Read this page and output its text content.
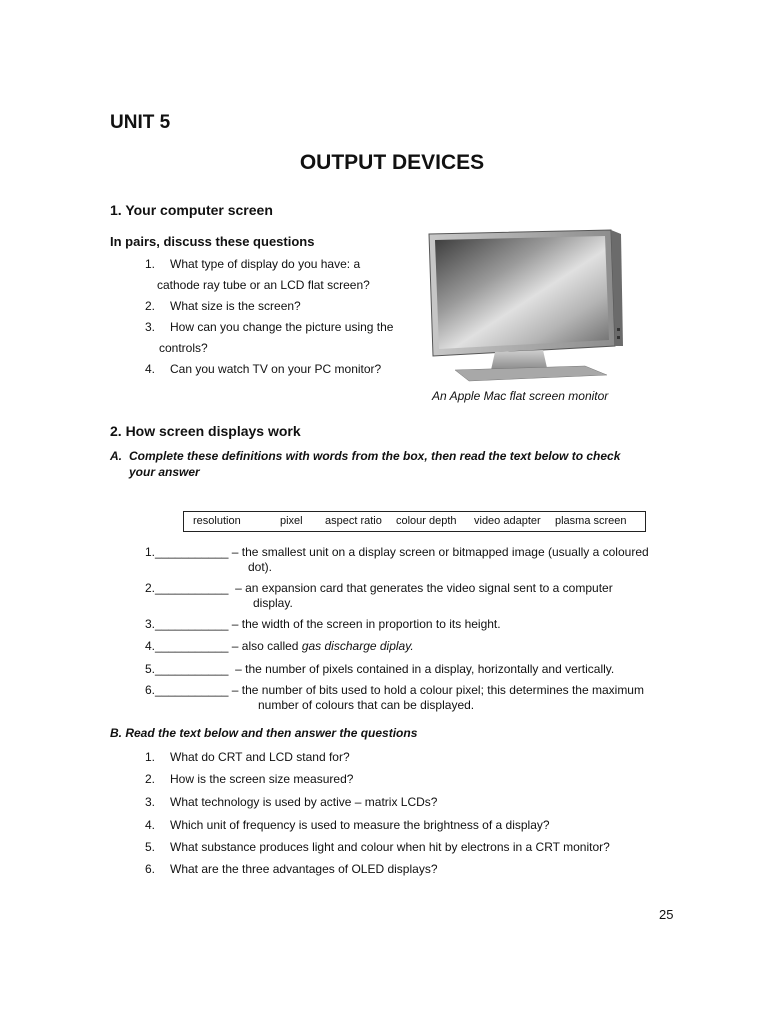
UNIT 5
OUTPUT DEVICES
1. Your computer screen
In pairs, discuss these questions
1. What type of display do you have: a
cathode ray tube or an LCD flat screen?
2. What size is the screen?
3. How can you change the picture using the
controls?
4. Can you watch TV on your PC monitor?
An Apple Mac flat screen monitor
2. How screen displays work
A. Complete these definitions with words from the box, then read the text below to check
your answer
resolution	pixel aspect ratio colour depth video adapter plasma screen
1.___________ – the smallest unit on a display screen or bitmapped image (usually a coloured
dot).
2.___________  – an expansion card that generates the video signal sent to a computer
display.
3.___________ – the width of the screen in proportion to its height.
4.___________ – also called gas discharge diplay.
5.___________  – the number of pixels contained in a display, horizontally and vertically.
6.___________ – the number of bits used to hold a colour pixel; this determines the maximum
number of colours that can be displayed.
B. Read the text below and then answer the questions
1. What do CRT and LCD stand for?
2. How is the screen size measured?
3. What technology is used by active – matrix LCDs?
4. Which unit of frequency is used to measure the brightness of a display?
5. What substance produces light and colour when hit by electrons in a CRT monitor?
6. What are the three advantages of OLED displays?
25
